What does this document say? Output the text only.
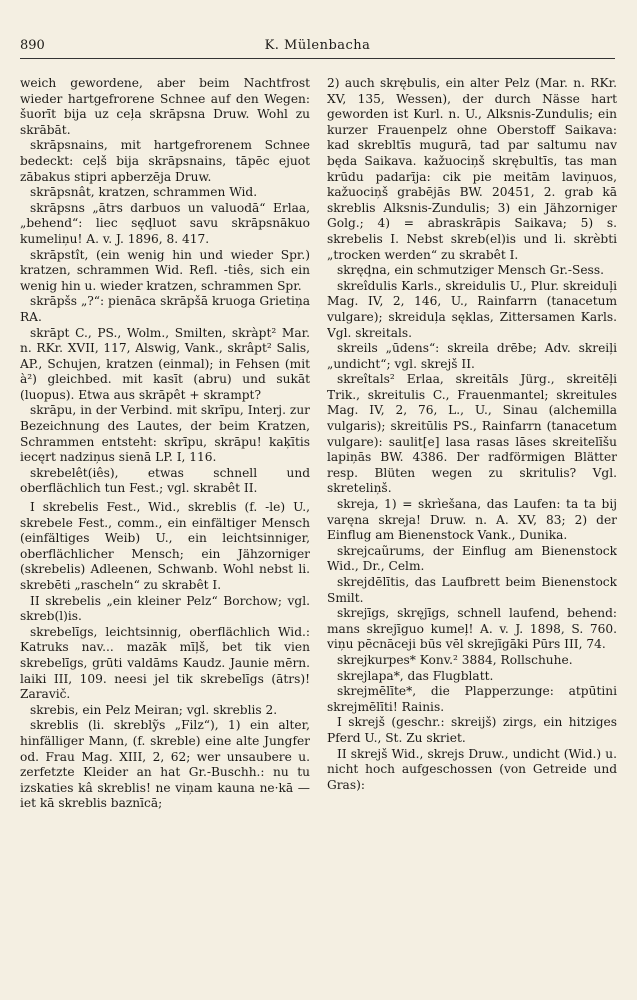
890	K. Mülenbacha

weich gewordene, aber beim Nachtfrost wieder hartgefrorene Schnee auf den Wegen: šuorīt bija uz ceļa skrāpsna Druw. Wohl zu skrābāt.

skrāpsnains, mit hartgefrorenem Schnee bedeckt: ceļš bija skrāpsnains, tāpēc ejuot zābakus stipri apberzēja Druw.

skrāpsnât, kratzen, schrammen Wid.

skrāpsns „ātrs darbuos un valuodā“ Erlaa, „behend“: liec sęḑluot savu skrāpsnākuo kumeliņu! A. v. J. 1896, 8. 417.

skrāpstît, (ein wenig hin und wieder Spr.) kratzen, schrammen Wid. Refl. -tiês, sich ein wenig hin u. wieder kratzen, schrammen Spr.

skrāpšs „?“: pienāca skrāpšā kruoga Grietiņa RA.

skrāpt C., PS., Wolm., Smilten, skràpt² Mar. n. RKr. XVII, 117, Alswig, Vank., skrâpt² Salis, AP., Schujen, kratzen (einmal); in Fehsen (mit à²) gleichbed. mit kasīt (abru) und sukāt (luopus). Etwa aus skrāpêt + skrampt?

skrāpu, in der Verbind. mit skrīpu, Interj. zur Bezeichnung des Lautes, der beim Kratzen, Schrammen entsteht: skrīpu, skrāpu! kaķītis iecęrt nadziņus sienā LP. I, 116.

skrebelêt(iês), etwas schnell und oberflächlich tun Fest.; vgl. skrabêt II.

I skrebelis Fest., Wid., skreblis (f. -le) U., skrebele Fest., comm., ein einfältiger Mensch (einfältiges Weib) U., ein leichtsinniger, oberflächlicher Mensch; ein Jähzorniger (skrebelis) Adleenen, Schwanb. Wohl nebst li. skrebēti „rascheln“ zu skrabêt I.

II skrebelis „ein kleiner Pelz“ Borchow; vgl. skreb(l)is.

skrebelīgs, leichtsinnig, oberflächlich Wid.: Katruks nav... mazāk mīļš, bet tik vien skrebelīgs, grūti valdāms Kaudz. Jaunie mērn. laiki III, 109. neesi jel tik skrebelīgs (ātrs)! Zaravič.

skrebis, ein Pelz Meiran; vgl. skreblis 2.

skreblis (li. skreblỹs „Filz“), 1) ein alter, hinfälliger Mann, (f. skreble) eine alte Jungfer od. Frau Mag. XIII, 2, 62; wer unsaubere u. zerfetzte Kleider an hat Gr.-Buschh.: nu tu izskaties kâ skreblis! ne viņam kauna ne·kā — iet kā skreblis baznīcā;

2) auch skrębulis, ein alter Pelz (Mar. n. RKr. XV, 135, Wessen), der durch Nässe hart geworden ist Kurl. n. U., Alksnis-Zundulis; ein kurzer Frauenpelz ohne Oberstoff Saikava: kad skrebltīs mugurā, tad par saltumu nav będa Saikava. kažuociņš skrębultīs, tas man krūdu padarīja: cik pie meitām laviņuos, kažuociņš grabējās BW. 20451, 2. grab kā skreblis Alksnis-Zundulis; 3) ein Jähzorniger Golg.; 4) = abraskrāpis Saikava; 5) s. skrebelis I. Nebst skreb(el)is und li. skrèbti „trocken werden“ zu skrabêt I.

skręḑna, ein schmutziger Mensch Gr.-Sess.

skreîdulis Karls., skreidulis U., Plur. skreiduļi Mag. IV, 2, 146, U., Rainfarrn (tanacetum vulgare); skreiduļa sęklas, Zittersamen Karls. Vgl. skreitals.

skreils „ūdens“: skreila drēbe; Adv. skreiļi „undicht“; vgl. skrejš II.

skreîtals² Erlaa, skreitāls Jürg., skreitēļi Trik., skreitulis C., Frauenmantel; skreitules Mag. IV, 2, 76, L., U., Sinau (alchemilla vulgaris); skreitūlis PS., Rainfarrn (tanacetum vulgare): saulit[e] lasa rasas lāses skreitelīšu lapiņās BW. 4386. Der radförmigen Blätter resp. Blüten wegen zu skritulis? Vgl. skreteliņš.

skreja, 1) = skrìešana, das Laufen: ta ta bij varęna skreja! Druw. n. A. XV, 83; 2) der Einflug am Bienenstock Vank., Dunika.

skrejcaũrums, der Einflug am Bienenstock Wid., Dr., Celm.

skrejdēlītis, das Laufbrett beim Bienenstock Smilt.

skrejīgs, skręjīgs, schnell laufend, behend: mans skrejīguo kumeļ! A. v. J. 1898, S. 760. viņu pēcnāceji būs vēl skrejīgāki Pūrs III, 74.

skrejkurpes* Konv.² 3884, Rollschuhe.

skrejlapa*, das Flugblatt.

skrejmēlīte*, die Plapperzunge: atpūtini skrejmēlīti! Rainis.

I skrejš (geschr.: skreijš) zirgs, ein hitziges Pferd U., St. Zu skriet.

II skrejš Wid., skrejs Druw., undicht (Wid.) u. nicht hoch aufgeschossen (von Getreide und Gras):
